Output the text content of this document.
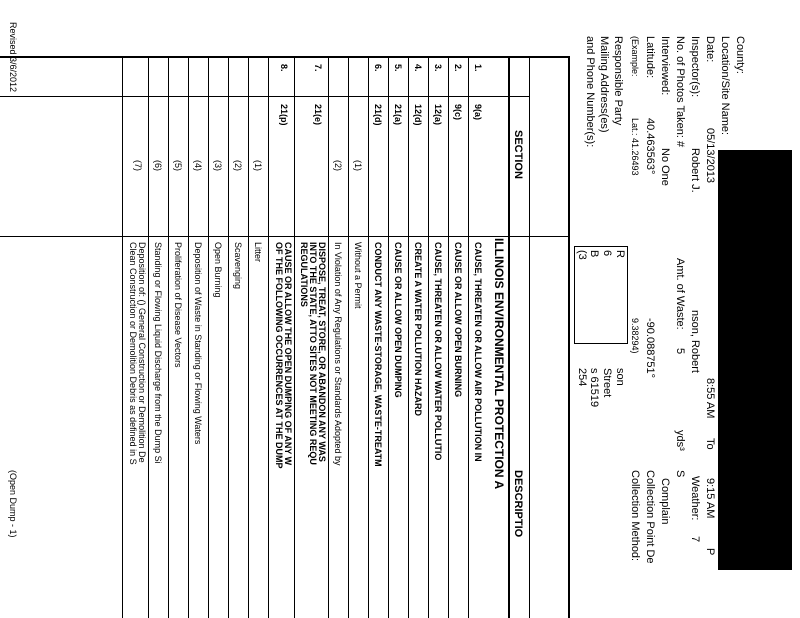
County:
Fulton
LPC#:
0570200002
Location/Site Name:
Date:
05/13/2013
8:55 AM
To
9:15 AM
P
Inspector(s):
Robert J.
nson, Robert
Weather:
7
No. of Photos Taken: #
Amt. of Waste:
5
yds³
S
Interviewed:
No One
Complain
Latitude:
40.463563°
-90.088751°
Collection Point De
(Example:
Lat.: 41.26493
9.38294)
Collection Method:
Responsible Party
Mailing Address(es)
and Phone Number(s):
R
6
B
(3
son
Street
s 61519
254
SECTION
DESCRIPTIO
ILLINOIS ENVIRONMENTAL PROTECTION A
1.
9(a)
CAUSE, THREATEN OR ALLOW AIR POLLUTION IN
2.
9(c)
CAUSE OR ALLOW OPEN BURNING
3.
12(a)
CAUSE, THREATEN OR ALLOW WATER POLLUTIO
4.
12(d)
CREATE A WATER POLLUTION HAZARD
5.
21(a)
CAUSE OR ALLOW OPEN DUMPING
6.
21(d)
CONDUCT ANY WASTE-STORAGE, WASTE-TREATM
(1)
Without a Permit
(2)
In Violation of Any Regulations or Standards Adopted by
7.
21(e)
DISPOSE, TREAT, STORE, OR ABANDON ANY WAS
INTO THE STATE, ATTO SITES NOT MEETING REQU
REGULATIONS
8.
21(p)
CAUSE OR ALLOW THE OPEN DUMPING OF ANY W
OF THE FOLLOWING OCCURRENCES AT THE DUMP
(1)
Litter
(2)
Scavenging
(3)
Open Burning
(4)
Deposition of Waste in Standing or Flowing Waters
(5)
Proliferation of Disease Vectors
(6)
Standing or Flowing Liquid Discharge from the Dump Si
(7)
Deposition of: () General Construction or Demolition De
Clean Construction or Demolition Debris as defined in S
Revised 3/6/2012
(Open Dump - 1)
